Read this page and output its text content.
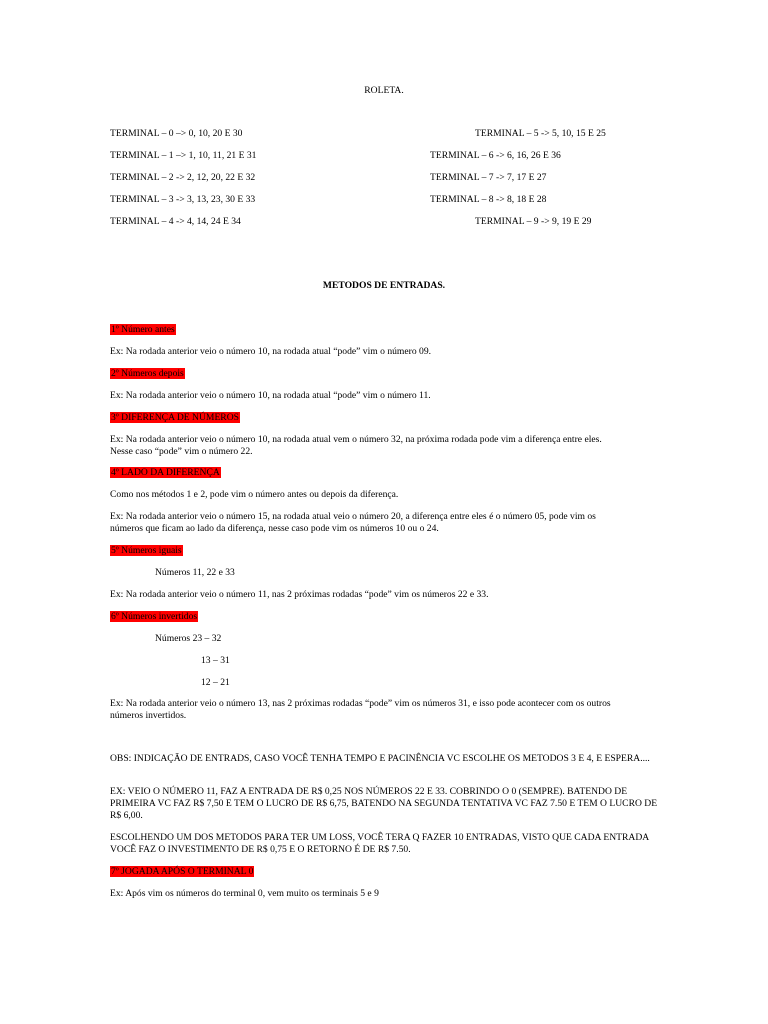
ROLETA.
TERMINAL – 0 –> 0, 10, 20 E 30
TERMINAL – 1 –> 1, 10, 11, 21 E 31
TERMINAL – 2 -> 2, 12, 20, 22 E 32
TERMINAL – 3 -> 3, 13, 23, 30 E 33
TERMINAL – 4 -> 4, 14, 24 E 34
TERMINAL – 5 -> 5, 10, 15 E 25
TERMINAL – 6 -> 6, 16, 26 E 36
TERMINAL – 7 -> 7, 17 E 27
TERMINAL – 8 -> 8, 18 E 28
TERMINAL – 9 -> 9, 19 E 29
METODOS DE ENTRADAS.
1º Número antes
Ex: Na rodada anterior veio o número 10, na rodada atual “pode” vim o número 09.
2º Números depois
Ex: Na rodada anterior veio o número 10, na rodada atual “pode” vim o número 11.
3º DIFERENÇA DE NÚMEROS
Ex: Na rodada anterior veio o número 10, na rodada atual vem o número 32, na próxima rodada pode vim a diferença entre eles.
Nesse caso “pode” vim o número 22.
4º LADO DA DIFERENÇA
Como nos métodos 1 e 2, pode vim o número antes ou depois da diferença.
Ex: Na rodada anterior veio o número 15, na rodada atual veio o número 20, a diferença entre eles é o número 05, pode vim os
números que ficam ao lado da diferença, nesse caso pode vim os números 10 ou o 24.
5º Números iguais
Números 11, 22 e 33
Ex: Na rodada anterior veio o número 11, nas 2 próximas rodadas “pode” vim os números 22 e 33.
6º Números invertidos
Números 23 – 32
13 – 31
12 – 21
Ex: Na rodada anterior veio o número 13, nas 2 próximas rodadas “pode” vim os números 31, e isso pode acontecer com os outros
números invertidos.
OBS: INDICAÇÃO DE ENTRADS, CASO VOCÊ TENHA TEMPO E PACINÊNCIA VC ESCOLHE OS METODOS 3 E 4, E ESPERA....
EX: VEIO O NÚMERO 11, FAZ A ENTRADA DE R$ 0,25 NOS NÚMEROS 22 E 33. COBRINDO O 0 (SEMPRE). BATENDO DE PRIMEIRA VC FAZ R$ 7,50 E TEM O LUCRO DE R$ 6,75, BATENDO NA SEGUNDA TENTATIVA VC FAZ 7.50 E TEM O LUCRO DE R$ 6,00.
ESCOLHENDO UM DOS METODOS PARA TER UM LOSS, VOCÊ TERA Q FAZER 10 ENTRADAS, VISTO QUE CADA ENTRADA VOCÊ FAZ O INVESTIMENTO DE R$ 0,75 E O RETORNO É DE R$ 7.50.
7º JOGADA APÓS O TERMINAL 0
Ex: Após vim os números do terminal 0, vem muito os terminais 5 e 9
